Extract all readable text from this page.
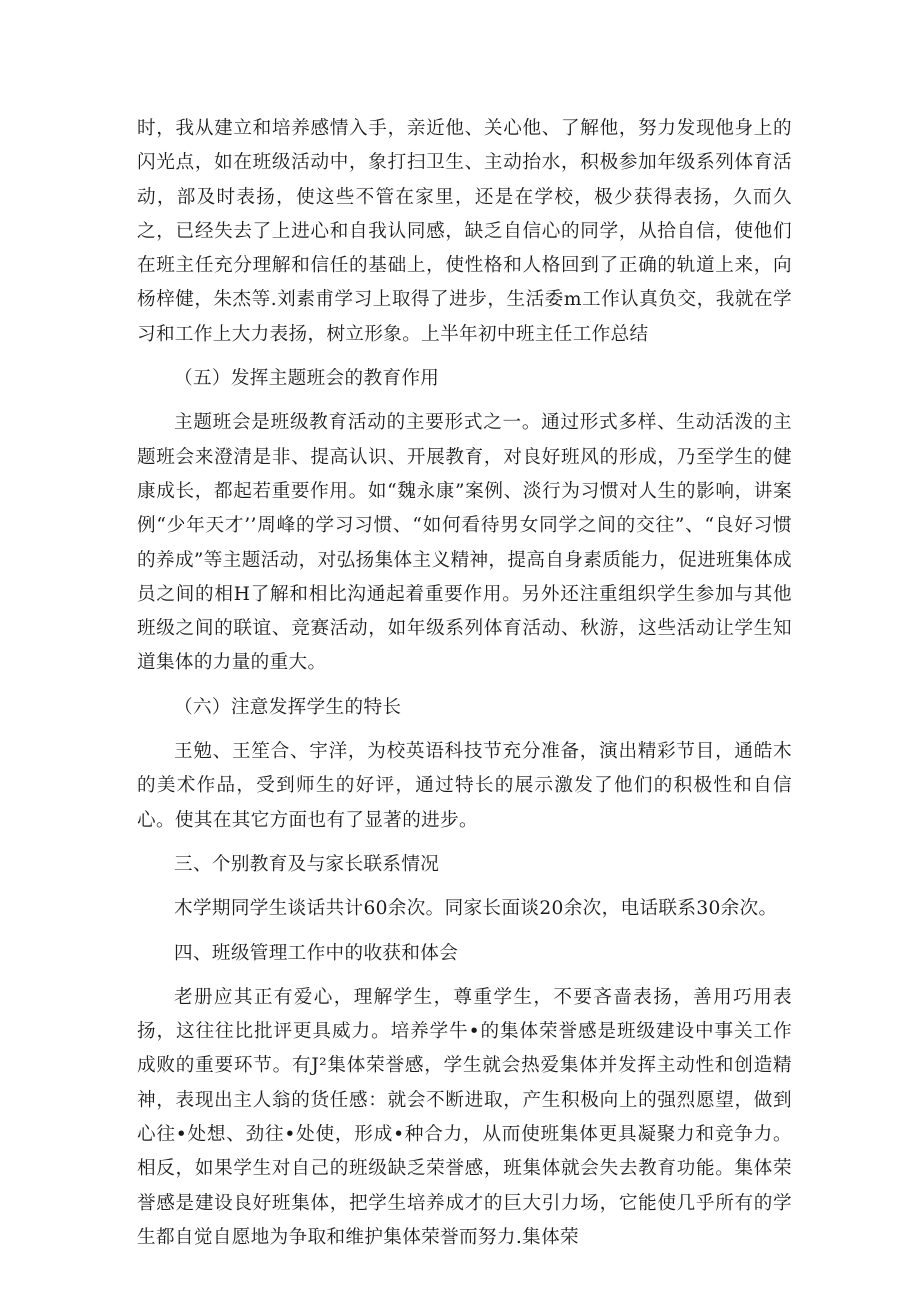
时，我从建立和培养感情入手，亲近他、关心他、了解他，努力发现他身上的闪光点，如在班级活动中，象打扫卫生、主动抬水，积极参加年级系列体育活动，部及时表扬，使这些不管在家里，还是在学校，极少获得表扬，久而久之，已经失去了上进心和自我认同感，缺乏自信心的同学，从拾自信，使他们在班主任充分理解和信任的基础上，使性格和人格回到了正确的轨道上来，向杨梓健，朱杰等.刘素甫学习上取得了进步，生活委m工作认真负交，我就在学习和工作上大力表扬，树立形象。上半年初中班主任工作总结

（五）发挥主题班会的教育作用

主题班会是班级教育活动的主要形式之一。通过形式多样、生动活泼的主题班会来澄清是非、提高认识、开展教育，对良好班风的形成，乃至学生的健康成长，都起若重要作用。如“魏永康”案例、淡行为习惯对人生的影响，讲案例“少年天才’’周峰的学习习惯、“如何看待男女同学之间的交往”、“良好习惯的养成”等主题活动，对弘扬集体主义精神，提高自身素质能力，促进班集体成员之间的相H了解和相比沟通起着重要作用。另外还注重组织学生参加与其他班级之间的联谊、竞赛活动，如年级系列体育活动、秋游，这些活动让学生知道集体的力量的重大。

（六）注意发挥学生的特长

王勉、王笙合、宇洋，为校英语科技节充分准备，演出精彩节目，通皓木的美术作品，受到师生的好评，通过特长的展示激发了他们的积极性和自信心。使其在其它方面也有了显著的进步。

三、个别教育及与家长联系情况

木学期同学生谈话共计60余次。同家长面谈20余次，电话联系30余次。

四、班级管理工作中的收获和体会

老册应其正有爱心，理解学生，尊重学生，不要吝啬表扬，善用巧用表扬，这往往比批评更具威力。培养学牛•的集体荣誉感是班级建设中事关工作成败的重要环节。有J²集体荣誉感，学生就会热爱集体并发挥主动性和创造精神，表现出主人翁的货任感：就会不断进取，产生积极向上的强烈愿望，做到心往•处想、劲往•处使，形成•种合力，从而使班集体更具凝聚力和竞争力。相反，如果学生对自己的班级缺乏荣誉感，班集体就会失去教育功能。集体荣誉感是建设良好班集体，把学生培养成才的巨大引力场，它能使几乎所有的学生都自觉自愿地为争取和维护集体荣誉而努力.集体荣
